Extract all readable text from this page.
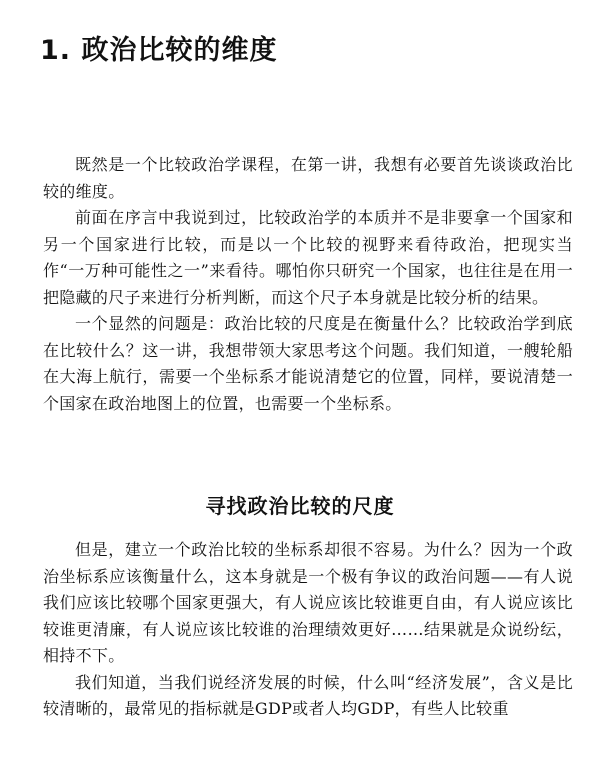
1. 政治比较的维度

既然是一个比较政治学课程，在第一讲，我想有必要首先谈谈政治比较的维度。

前面在序言中我说到过，比较政治学的本质并不是非要拿一个国家和另一个国家进行比较，而是以一个比较的视野来看待政治，把现实当作“一万种可能性之一”来看待。哪怕你只研究一个国家，也往往是在用一把隐藏的尺子来进行分析判断，而这个尺子本身就是比较分析的结果。

一个显然的问题是：政治比较的尺度是在衡量什么？比较政治学到底在比较什么？这一讲，我想带领大家思考这个问题。我们知道，一艘轮船在大海上航行，需要一个坐标系才能说清楚它的位置，同样，要说清楚一个国家在政治地图上的位置，也需要一个坐标系。

寻找政治比较的尺度

但是，建立一个政治比较的坐标系却很不容易。为什么？因为一个政治坐标系应该衡量什么，这本身就是一个极有争议的政治问题——有人说我们应该比较哪个国家更强大，有人说应该比较谁更自由，有人说应该比较谁更清廉，有人说应该比较谁的治理绩效更好……结果就是众说纷纭，相持不下。

我们知道，当我们说经济发展的时候，什么叫“经济发展”，含义是比较清晰的，最常见的指标就是GDP或者人均GDP，有些人比较重
